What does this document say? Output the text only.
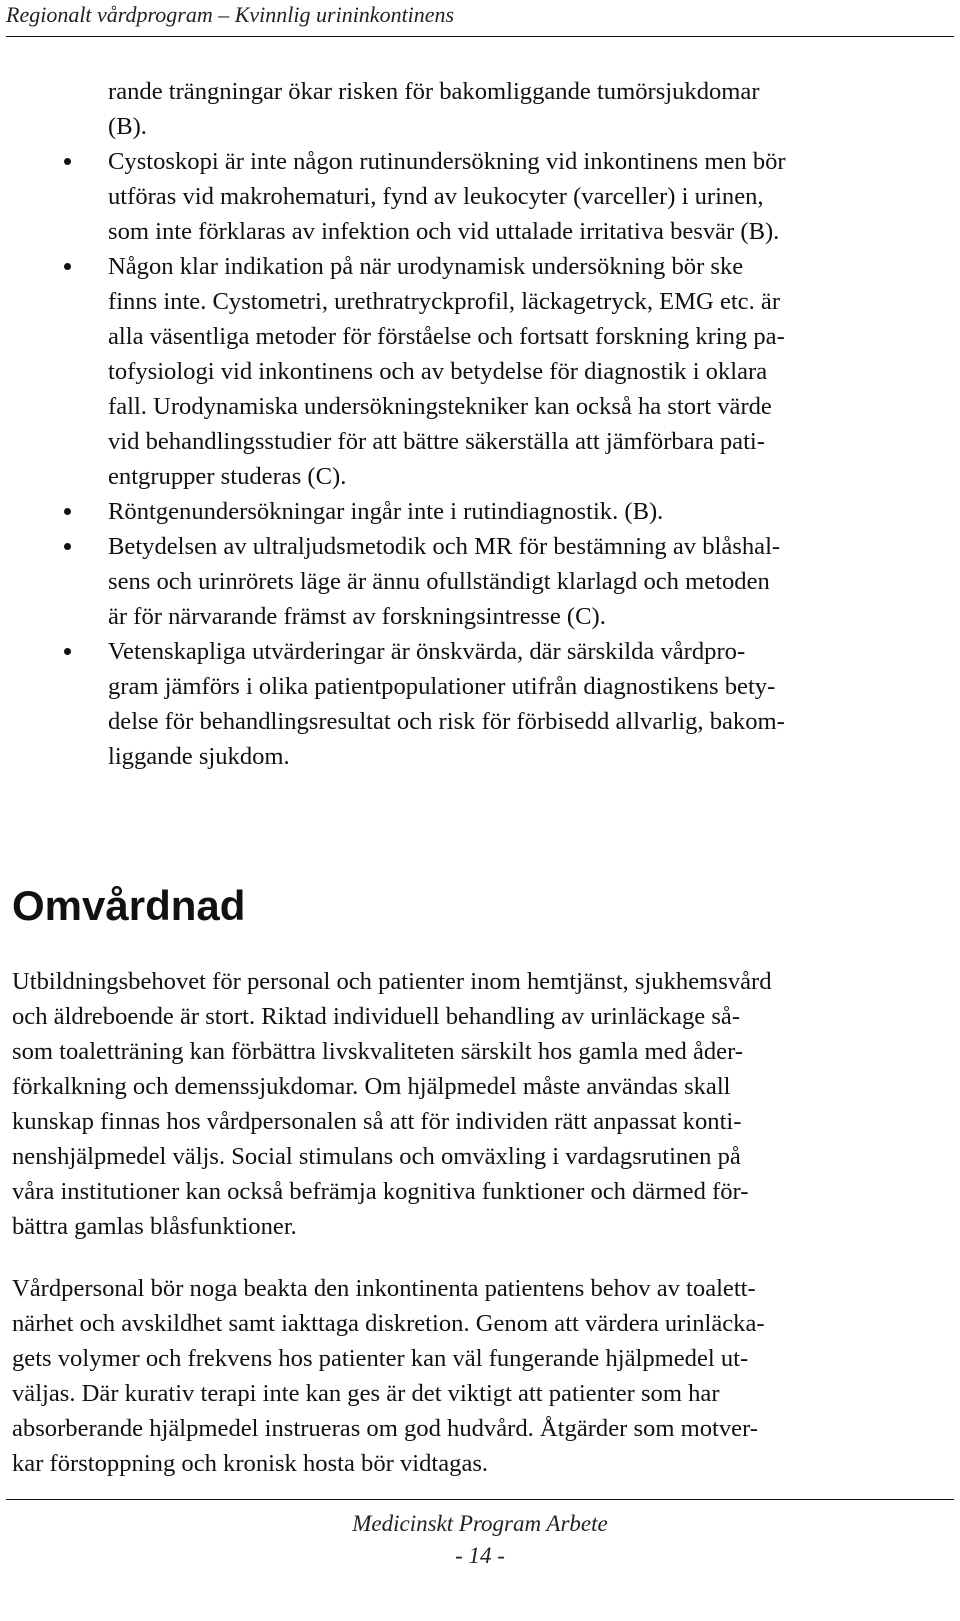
Regionalt vårdprogram – Kvinnlig urininkontinens

rande trängningar ökar risken för bakomliggande tumörsjukdomar
(B).

Cystoskopi är inte någon rutinundersökning vid inkontinens men bör
utföras vid makrohematuri, fynd av leukocyter (varceller) i urinen,
som inte förklaras av infektion och vid uttalade irritativa besvär (B).
Någon klar indikation på när urodynamisk undersökning bör ske
finns inte. Cystometri, urethratryckprofil, läckagetryck, EMG etc. är
alla väsentliga metoder för förståelse och fortsatt forskning kring pa-
tofysiologi vid inkontinens och av betydelse för diagnostik i oklara
fall. Urodynamiska undersökningstekniker kan också ha stort värde
vid behandlingsstudier för att bättre säkerställa att jämförbara pati-
entgrupper studeras (C).
Röntgenundersökningar ingår inte i rutindiagnostik. (B).
Betydelsen av ultraljudsmetodik och MR för bestämning av blåshal-
sens och urinrörets läge är ännu ofullständigt klarlagd och metoden
är för närvarande främst av forskningsintresse (C).
Vetenskapliga utvärderingar är önskvärda, där särskilda vårdpro-
gram jämförs i olika patientpopulationer utifrån diagnostikens bety-
delse för behandlingsresultat och risk för förbisedd allvarlig, bakom-
liggande sjukdom.
Omvårdnad

Utbildningsbehovet för personal och patienter inom hemtjänst, sjukhemsvård
och äldreboende är stort. Riktad individuell behandling av urinläckage så-
som toaletträning kan förbättra livskvaliteten särskilt hos gamla med åder-
förkalkning och demenssjukdomar. Om hjälpmedel måste användas skall
kunskap finnas hos vårdpersonalen så att för individen rätt anpassat konti-
nenshjälpmedel väljs. Social stimulans och omväxling i vardagsrutinen på
våra institutioner kan också befrämja kognitiva funktioner och därmed för-
bättra gamlas blåsfunktioner.

Vårdpersonal bör noga beakta den inkontinenta patientens behov av toalett-
närhet och avskildhet samt iakttaga diskretion. Genom att värdera urinläcka-
gets volymer och frekvens hos patienter kan väl fungerande hjälpmedel ut-
väljas. Där kurativ terapi inte kan ges är det viktigt att patienter som har
absorberande hjälpmedel instrueras om god hudvård. Åtgärder som motver-
kar förstoppning och kronisk hosta bör vidtagas.

Medicinskt Program Arbete
- 14 -
